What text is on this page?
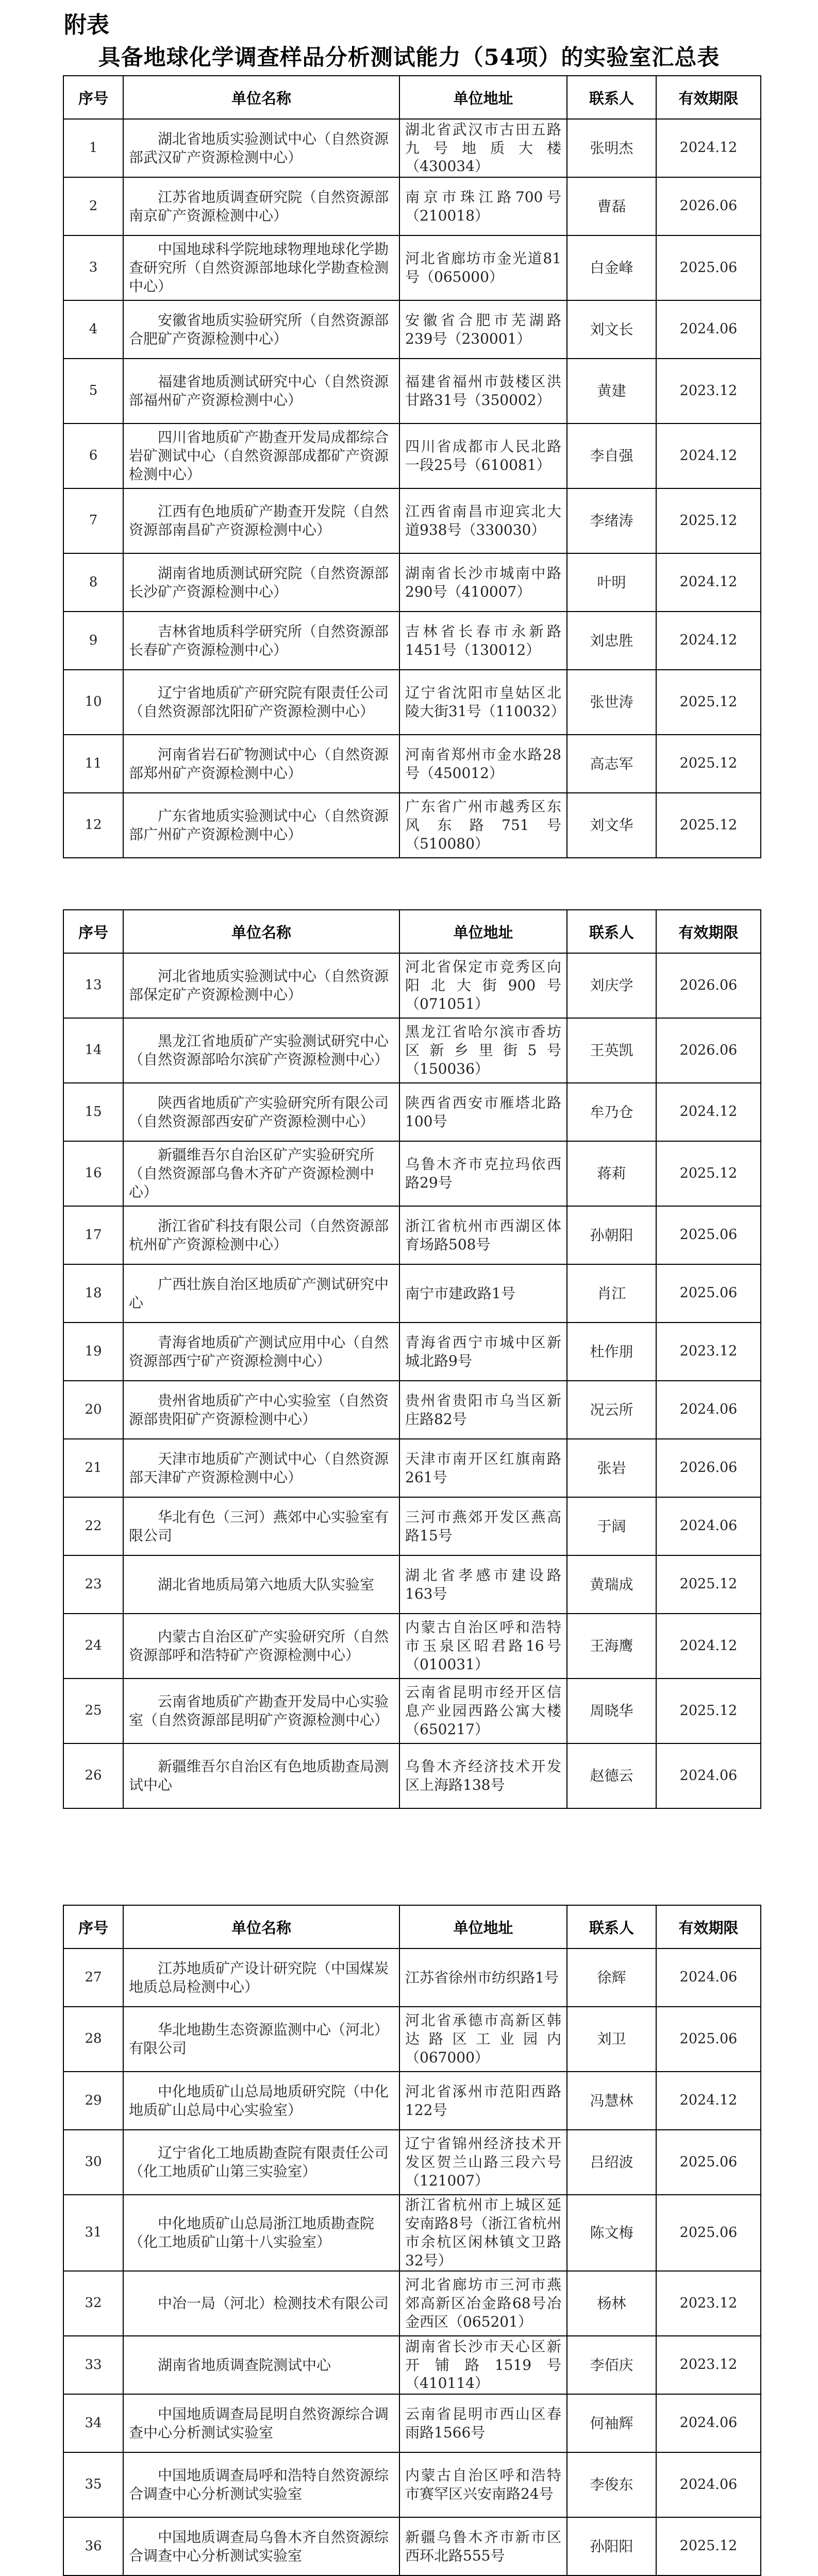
附表
具备地球化学调查样品分析测试能力（54项）的实验室汇总表
序号	单位名称	单位地址	联系人	有效期限
1	湖北省地质实验测试中心（自然资源部武汉矿产资源检测中心）	湖北省武汉市古田五路九号地质大楼（430034）	张明杰	2024.12
2	江苏省地质调查研究院（自然资源部南京矿产资源检测中心）	南京市珠江路700号（210018）	曹磊	2026.06
3	中国地球科学院地球物理地球化学勘查研究所（自然资源部地球化学勘查检测中心）	河北省廊坊市金光道81号（065000）	白金峰	2025.06
4	安徽省地质实验研究所（自然资源部合肥矿产资源检测中心）	安徽省合肥市芜湖路239号（230001）	刘文长	2024.06
5	福建省地质测试研究中心（自然资源部福州矿产资源检测中心）	福建省福州市鼓楼区洪甘路31号（350002）	黄建	2023.12
6	四川省地质矿产勘查开发局成都综合岩矿测试中心（自然资源部成都矿产资源检测中心）	四川省成都市人民北路一段25号（610081）	李自强	2024.12
7	江西有色地质矿产勘查开发院（自然资源部南昌矿产资源检测中心）	江西省南昌市迎宾北大道938号（330030）	李绪涛	2025.12
8	湖南省地质测试研究院（自然资源部长沙矿产资源检测中心）	湖南省长沙市城南中路290号（410007）	叶明	2024.12
9	吉林省地质科学研究所（自然资源部长春矿产资源检测中心）	吉林省长春市永新路1451号（130012）	刘忠胜	2024.12
10	辽宁省地质矿产研究院有限责任公司（自然资源部沈阳矿产资源检测中心）	辽宁省沈阳市皇姑区北陵大街31号（110032）	张世涛	2025.12
11	河南省岩石矿物测试中心（自然资源部郑州矿产资源检测中心）	河南省郑州市金水路28号（450012）	高志军	2025.12
12	广东省地质实验测试中心（自然资源部广州矿产资源检测中心）	广东省广州市越秀区东风东路751号（510080）	刘文华	2025.12
序号	单位名称	单位地址	联系人	有效期限
13	河北省地质实验测试中心（自然资源部保定矿产资源检测中心）	河北省保定市竞秀区向阳北大街900号（071051）	刘庆学	2026.06
14	黑龙江省地质矿产实验测试研究中心（自然资源部哈尔滨矿产资源检测中心）	黑龙江省哈尔滨市香坊区新乡里街5号（150036）	王英凯	2026.06
15	陕西省地质矿产实验研究所有限公司（自然资源部西安矿产资源检测中心）	陕西省西安市雁塔北路100号	牟乃仓	2024.12
16	新疆维吾尔自治区矿产实验研究所（自然资源部乌鲁木齐矿产资源检测中心）	乌鲁木齐市克拉玛依西路29号	蒋莉	2025.12
17	浙江省矿科技有限公司（自然资源部杭州矿产资源检测中心）	浙江省杭州市西湖区体育场路508号	孙朝阳	2025.06
18	广西壮族自治区地质矿产测试研究中心	南宁市建政路1号	肖江	2025.06
19	青海省地质矿产测试应用中心（自然资源部西宁矿产资源检测中心）	青海省西宁市城中区新城北路9号	杜作朋	2023.12
20	贵州省地质矿产中心实验室（自然资源部贵阳矿产资源检测中心）	贵州省贵阳市乌当区新庄路82号	况云所	2024.06
21	天津市地质矿产测试中心（自然资源部天津矿产资源检测中心）	天津市南开区红旗南路261号	张岩	2026.06
22	华北有色（三河）燕郊中心实验室有限公司	三河市燕郊开发区燕高路15号	于阔	2024.06
23	湖北省地质局第六地质大队实验室	湖北省孝感市建设路163号	黄瑞成	2025.12
24	内蒙古自治区矿产实验研究所（自然资源部呼和浩特矿产资源检测中心）	内蒙古自治区呼和浩特市玉泉区昭君路16号（010031）	王海鹰	2024.12
25	云南省地质矿产勘查开发局中心实验室（自然资源部昆明矿产资源检测中心）	云南省昆明市经开区信息产业园西路公寓大楼（650217）	周晓华	2025.12
26	新疆维吾尔自治区有色地质勘查局测试中心	乌鲁木齐经济技术开发区上海路138号	赵德云	2024.06
序号	单位名称	单位地址	联系人	有效期限
27	江苏地质矿产设计研究院（中国煤炭地质总局检测中心）	江苏省徐州市纺织路1号	徐辉	2024.06
28	华北地勘生态资源监测中心（河北）有限公司	河北省承德市高新区韩达路区工业园内（067000）	刘卫	2025.06
29	中化地质矿山总局地质研究院（中化地质矿山总局中心实验室）	河北省涿州市范阳西路122号	冯慧林	2024.12
30	辽宁省化工地质勘查院有限责任公司（化工地质矿山第三实验室）	辽宁省锦州经济技术开发区贺兰山路三段六号（121007）	吕绍波	2025.06
31	中化地质矿山总局浙江地质勘查院（化工地质矿山第十八实验室）	浙江省杭州市上城区延安南路8号（浙江省杭州市余杭区闲林镇文卫路32号）	陈文梅	2025.06
32	中冶一局（河北）检测技术有限公司	河北省廊坊市三河市燕郊高新区冶金路68号冶金西区（065201）	杨林	2023.12
33	湖南省地质调查院测试中心	湖南省长沙市天心区新开铺路1519号（410114）	李佰庆	2023.12
34	中国地质调查局昆明自然资源综合调查中心分析测试实验室	云南省昆明市西山区春雨路1566号	何袖辉	2024.06
35	中国地质调查局呼和浩特自然资源综合调查中心分析测试实验室	内蒙古自治区呼和浩特市赛罕区兴安南路24号	李俊东	2024.06
36	中国地质调查局乌鲁木齐自然资源综合调查中心分析测试实验室	新疆乌鲁木齐市新市区西环北路555号	孙阳阳	2025.12
